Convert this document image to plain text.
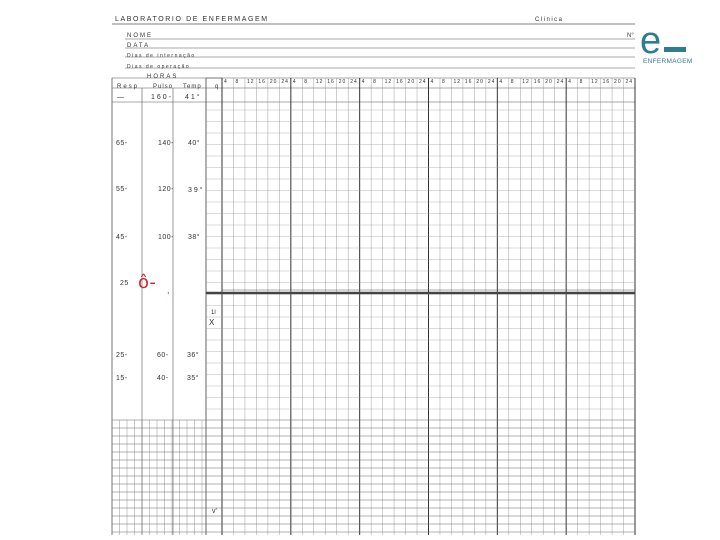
LABORATORIO DE ENFERMAGEM	Clinica
N° e
ENFERMAGEM
NOME
DATA
Dias de internação
Dias de operação
HORAS
Resp Pulso Temp q
—	160- 41°
4 8 12 16 20 24 4 8 12 16 20 24 4 8 12 16 20 24 4 8 12 16 20 24 4 8 12 16 20 24 4 8 12 16 20 24
65-	140- 40°
55-	120- 39°
45-	100- 38°
25 ô- ,
1l
X
25-	60-	36°
15-	40-	35°
v'
